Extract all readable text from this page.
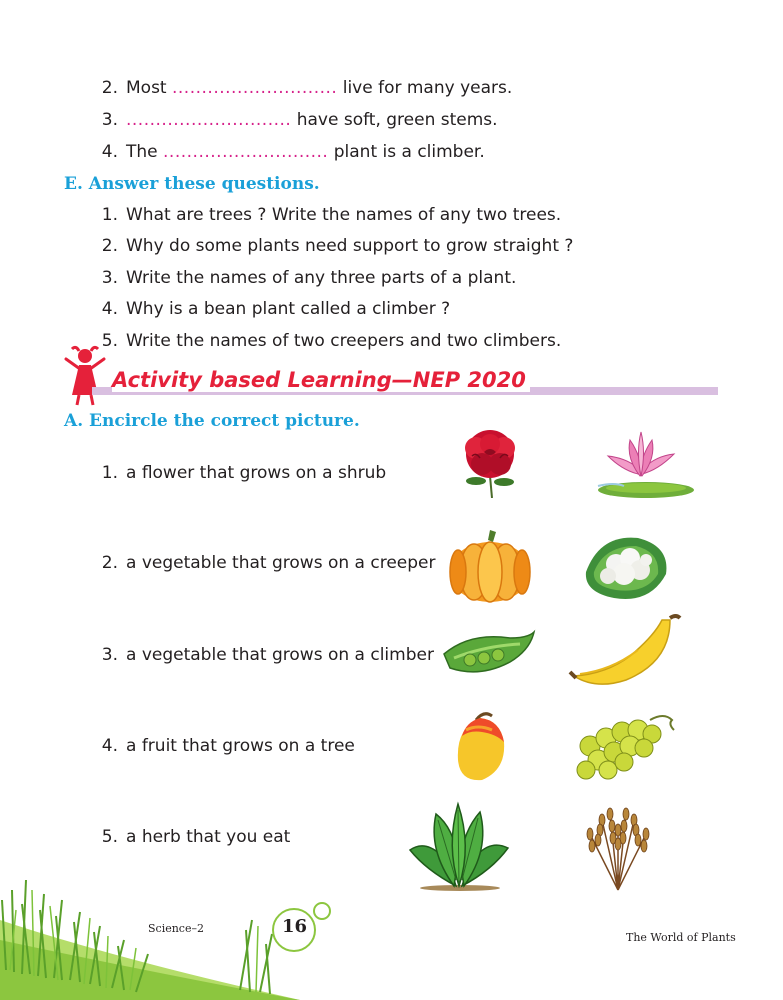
2. Most ............................ live for many years.
3. ............................ have soft, green stems.
4. The ............................ plant is a climber.
E. Answer these questions.
1. What are trees ? Write the names of any two trees.
2. Why do some plants need support to grow straight ?
3. Write the names of any three parts of a plant.
4. Why is a bean plant called a climber ?
5. Write the names of two creepers and two climbers.
Activity based Learning—NEP 2020
A. Encircle the correct picture.
1. a flower that grows on a shrub
2. a vegetable that grows on a creeper
3. a vegetable that grows on a climber
4. a fruit that grows on a tree
5. a herb that you eat
Science–2	16
The World of Plants
